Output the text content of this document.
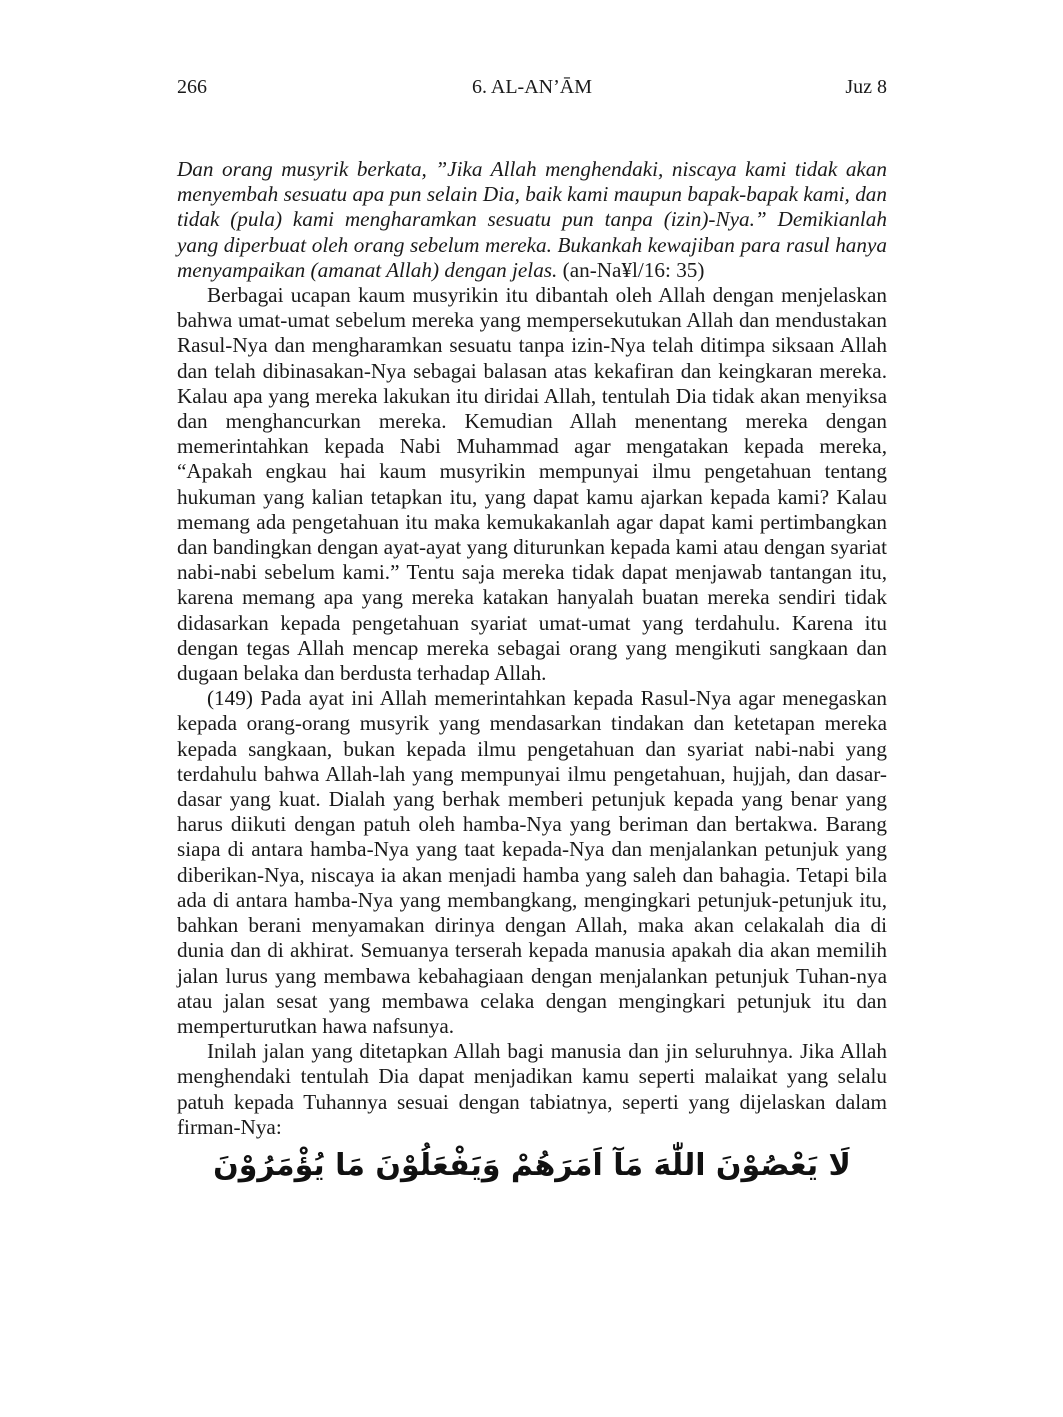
266	6. AL-AN’ĀM	Juz 8

Dan orang musyrik berkata, ”Jika Allah menghendaki, niscaya kami tidak akan menyembah sesuatu apa pun selain Dia, baik kami maupun bapak-bapak kami, dan tidak (pula) kami mengharamkan sesuatu pun tanpa (izin)-Nya.” Demikianlah yang diperbuat oleh orang sebelum mereka. Bukankah kewajiban para rasul hanya menyampaikan (amanat Allah) dengan jelas. (an-Na¥l/16: 35)

Berbagai ucapan kaum musyrikin itu dibantah oleh Allah dengan menjelaskan bahwa umat-umat sebelum mereka yang mempersekutukan Allah dan mendustakan Rasul-Nya dan mengharamkan sesuatu tanpa izin-Nya telah ditimpa siksaan Allah dan telah dibinasakan-Nya sebagai balasan atas kekafiran dan keingkaran mereka. Kalau apa yang mereka lakukan itu diridai Allah, tentulah Dia tidak akan menyiksa dan menghancurkan mereka. Kemudian Allah menentang mereka dengan memerintahkan kepada Nabi Muhammad agar mengatakan kepada mereka, “Apakah engkau hai kaum musyrikin mempunyai ilmu pengetahuan tentang hukuman yang kalian tetapkan itu, yang dapat kamu ajarkan kepada kami? Kalau memang ada pengetahuan itu maka kemukakanlah agar dapat kami pertimbangkan dan bandingkan dengan ayat-ayat yang diturunkan kepada kami atau dengan syariat nabi-nabi sebelum kami.” Tentu saja mereka tidak dapat menjawab tantangan itu, karena memang apa yang mereka katakan hanyalah buatan mereka sendiri tidak didasarkan kepada pengetahuan syariat umat-umat yang terdahulu. Karena itu dengan tegas Allah mencap mereka sebagai orang yang mengikuti sangkaan dan dugaan belaka dan berdusta terhadap Allah.

(149) Pada ayat ini Allah memerintahkan kepada Rasul-Nya agar menegaskan kepada orang-orang musyrik yang mendasarkan tindakan dan ketetapan mereka kepada sangkaan, bukan kepada ilmu pengetahuan dan syariat nabi-nabi yang terdahulu bahwa Allah-lah yang mempunyai ilmu pengetahuan, hujjah, dan dasar-dasar yang kuat. Dialah yang berhak memberi petunjuk kepada yang benar yang harus diikuti dengan patuh oleh hamba-Nya yang beriman dan bertakwa. Barang siapa di antara hamba-Nya yang taat kepada-Nya dan menjalankan petunjuk yang diberikan-Nya, niscaya ia akan menjadi hamba yang saleh dan bahagia. Tetapi bila ada di antara hamba-Nya yang membangkang, mengingkari petunjuk-petunjuk itu, bahkan berani menyamakan dirinya dengan Allah, maka akan celakalah dia di dunia dan di akhirat. Semuanya terserah kepada manusia apakah dia akan memilih jalan lurus yang membawa kebahagiaan dengan menjalankan petunjuk Tuhan-nya atau jalan sesat yang membawa celaka dengan mengingkari petunjuk itu dan memperturutkan hawa nafsunya.

Inilah jalan yang ditetapkan Allah bagi manusia dan jin seluruhnya. Jika Allah menghendaki tentulah Dia dapat menjadikan kamu seperti malaikat yang selalu patuh kepada Tuhannya sesuai dengan tabiatnya, seperti yang dijelaskan dalam firman-Nya:

لَا يَعْصُوْنَ اللّٰهَ مَآ اَمَرَهُمْ وَيَفْعَلُوْنَ مَا يُؤْمَرُوْنَ
